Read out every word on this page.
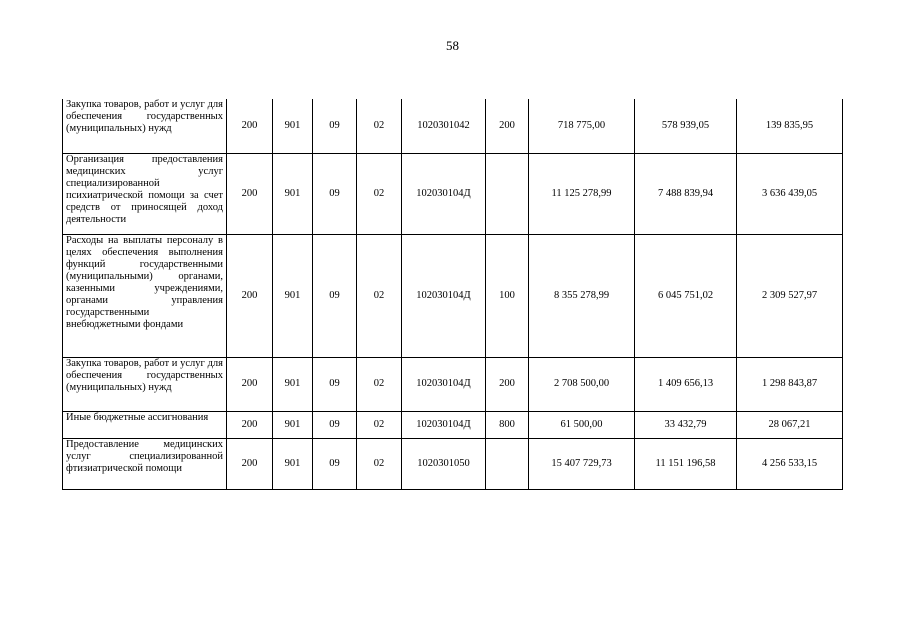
58
Закупка товаров, работ и услуг для обеспечения государственных (муниципальных) нужд	200	901	09	02	1020301042	200	718 775,00	578 939,05	139 835,95
Организация предоставления медицинских услуг специализированной психиатрической помощи за счет средств от приносящей доход деятельности	200	901	09	02	102030104Д		11 125 278,99	7 488 839,94	3 636 439,05
Расходы на выплаты персоналу в целях обеспечения выполнения функций государственными (муниципальными) органами, казенными учреждениями, органами управления государственными внебюджетными фондами	200	901	09	02	102030104Д	100	8 355 278,99	6 045 751,02	2 309 527,97
Закупка товаров, работ и услуг для обеспечения государственных (муниципальных) нужд	200	901	09	02	102030104Д	200	2 708 500,00	1 409 656,13	1 298 843,87
Иные бюджетные ассигнования	200	901	09	02	102030104Д	800	61 500,00	33 432,79	28 067,21
Предоставление медицинских услуг специализированной фтизиатрической помощи	200	901	09	02	1020301050		15 407 729,73	11 151 196,58	4 256 533,15
